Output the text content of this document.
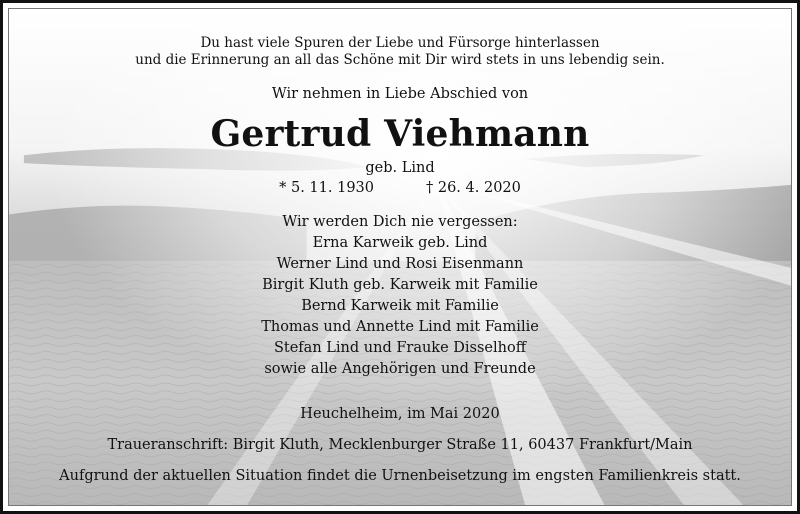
Du hast viele Spuren der Liebe und Fürsorge hinterlassen
und die Erinnerung an all das Schöne mit Dir wird stets in uns lebendig sein.
Wir nehmen in Liebe Abschied von
Gertrud Viehmann
geb. Lind
* 5. 11. 1930	† 26. 4. 2020
Wir werden Dich nie vergessen:
Erna Karweik geb. Lind
Werner Lind und Rosi Eisenmann
Birgit Kluth geb. Karweik mit Familie
Bernd Karweik mit Familie
Thomas und Annette Lind mit Familie
Stefan Lind und Frauke Disselhoff
sowie alle Angehörigen und Freunde
Heuchelheim, im Mai 2020
Traueranschrift: Birgit Kluth, Mecklenburger Straße 11, 60437 Frankfurt/Main
Aufgrund der aktuellen Situation findet die Urnenbeisetzung im engsten Familienkreis statt.
